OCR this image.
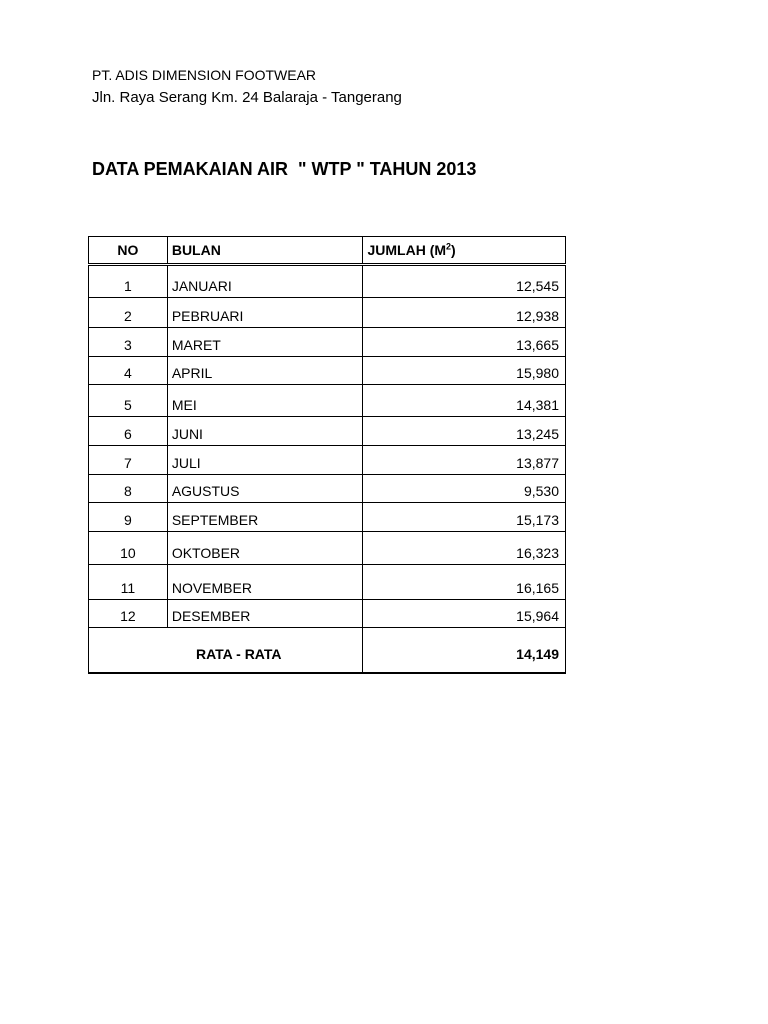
PT. ADIS DIMENSION FOOTWEAR
Jln. Raya Serang Km. 24 Balaraja - Tangerang
DATA PEMAKAIAN AIR  " WTP " TAHUN 2013
NO	BULAN	JUMLAH $(M^2)$
1	JANUARI	12,545
2	PEBRUARI	12,938
3	MARET	13,665
4	APRIL	15,980
5	MEI	14,381
6	JUNI	13,245
7	JULI	13,877
8	AGUSTUS	9,530
9	SEPTEMBER	15,173
10	OKTOBER	16,323
11	NOVEMBER	16,165
12	DESEMBER	15,964
RATA - RATA		14,149
